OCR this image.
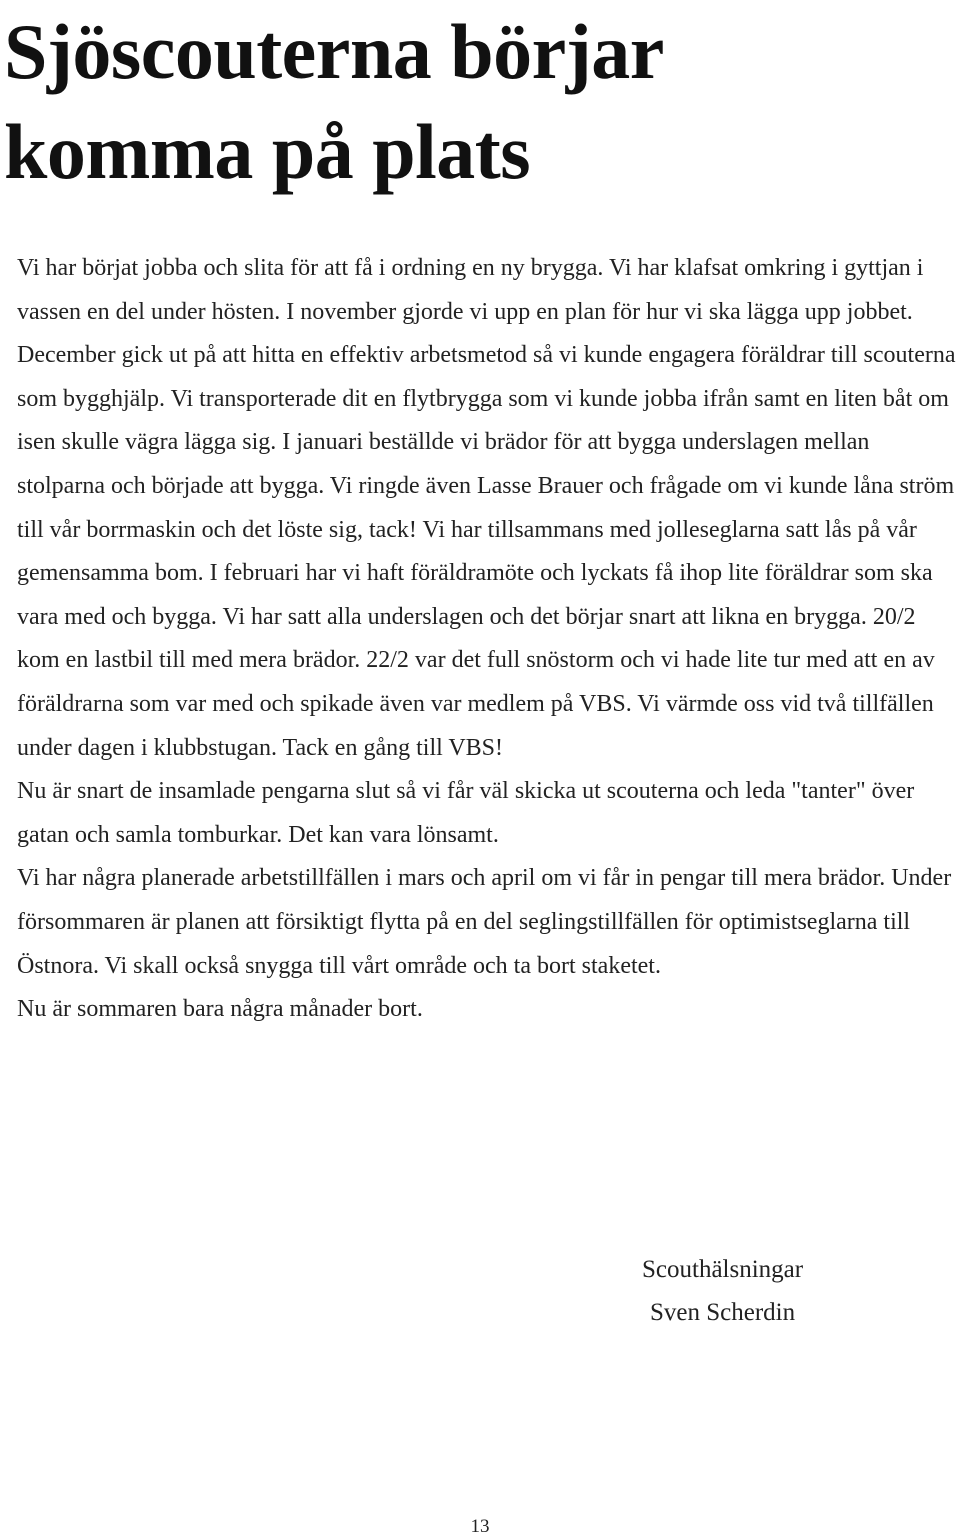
Sjöscouterna börjar
komma på plats

Vi har börjat jobba och slita för att få i ordning en ny brygga. Vi har klafsat omkring i gyttjan i vassen en del under hösten. I november gjorde vi upp en plan för hur vi ska lägga upp jobbet. December gick ut på att hitta en effektiv arbetsmetod så vi kunde engagera föräldrar till scouterna som bygghjälp. Vi transporterade dit en flytbrygga som vi kunde jobba ifrån samt en liten båt om isen skulle vägra lägga sig. I januari beställde vi brädor för att bygga underslagen mellan stolparna och började att bygga. Vi ringde även Lasse Brauer och frågade om vi kunde låna ström till vår borrmaskin och det löste sig, tack! Vi har tillsammans med jolleseglarna satt lås på vår gemensamma bom. I februari har vi haft föräldramöte och lyckats få ihop lite föräldrar som ska vara med och bygga. Vi har satt alla underslagen och det börjar snart att likna en brygga. 20/2 kom en lastbil till med mera brädor. 22/2 var det full snöstorm och vi hade lite tur med att en av föräldrarna som var med och spikade även var medlem på VBS. Vi värmde oss vid två tillfällen under dagen i klubbstugan. Tack en gång till VBS!

Nu är snart de insamlade pengarna slut så vi får väl skicka ut scouterna och leda "tanter" över gatan och samla tomburkar. Det kan vara lönsamt.

Vi har några planerade arbetstillfällen i mars och april om vi får in pengar till mera brädor. Under försommaren är planen att försiktigt flytta på en del seglingstillfällen för optimistseglarna till Östnora. Vi skall också snygga till vårt område och ta bort staketet.

Nu är sommaren bara några månader bort.

Scouthälsningar
Sven Scherdin
13
